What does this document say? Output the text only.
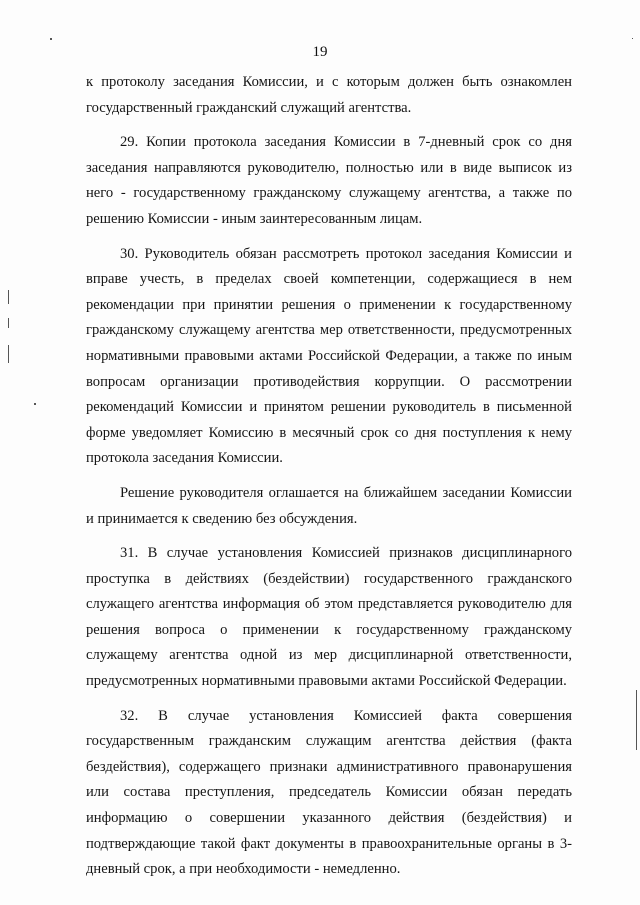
19

к протоколу заседания Комиссии, и с которым должен быть ознакомлен государственный гражданский служащий агентства.

29. Копии протокола заседания Комиссии в 7-дневный срок со дня заседания направляются руководителю, полностью или в виде выписок из него - государственному гражданскому служащему агентства, а также по решению Комиссии - иным заинтересованным лицам.

30. Руководитель обязан рассмотреть протокол заседания Комиссии и вправе учесть, в пределах своей компетенции, содержащиеся в нем рекомендации при принятии решения о применении к государственному гражданскому служащему агентства мер ответственности, предусмотренных нормативными правовыми актами Российской Федерации, а также по иным вопросам организации противодействия коррупции. О рассмотрении рекомендаций Комиссии и принятом решении руководитель в письменной форме уведомляет Комиссию в месячный срок со дня поступления к нему протокола заседания Комиссии.

Решение руководителя оглашается на ближайшем заседании Комиссии и принимается к сведению без обсуждения.

31. В случае установления Комиссией признаков дисциплинарного проступка в действиях (бездействии) государственного гражданского служащего агентства информация об этом представляется руководителю для решения вопроса о применении к государственному гражданскому служащему агентства одной из мер дисциплинарной ответственности, предусмотренных нормативными правовыми актами Российской Федерации.

32. В случае установления Комиссией факта совершения государственным гражданским служащим агентства действия (факта бездействия), содержащего признаки административного правонарушения или состава преступления, председатель Комиссии обязан передать информацию о совершении указанного действия (бездействия) и подтверждающие такой факт документы в правоохранительные органы в 3-дневный срок, а при необходимости - немедленно.
